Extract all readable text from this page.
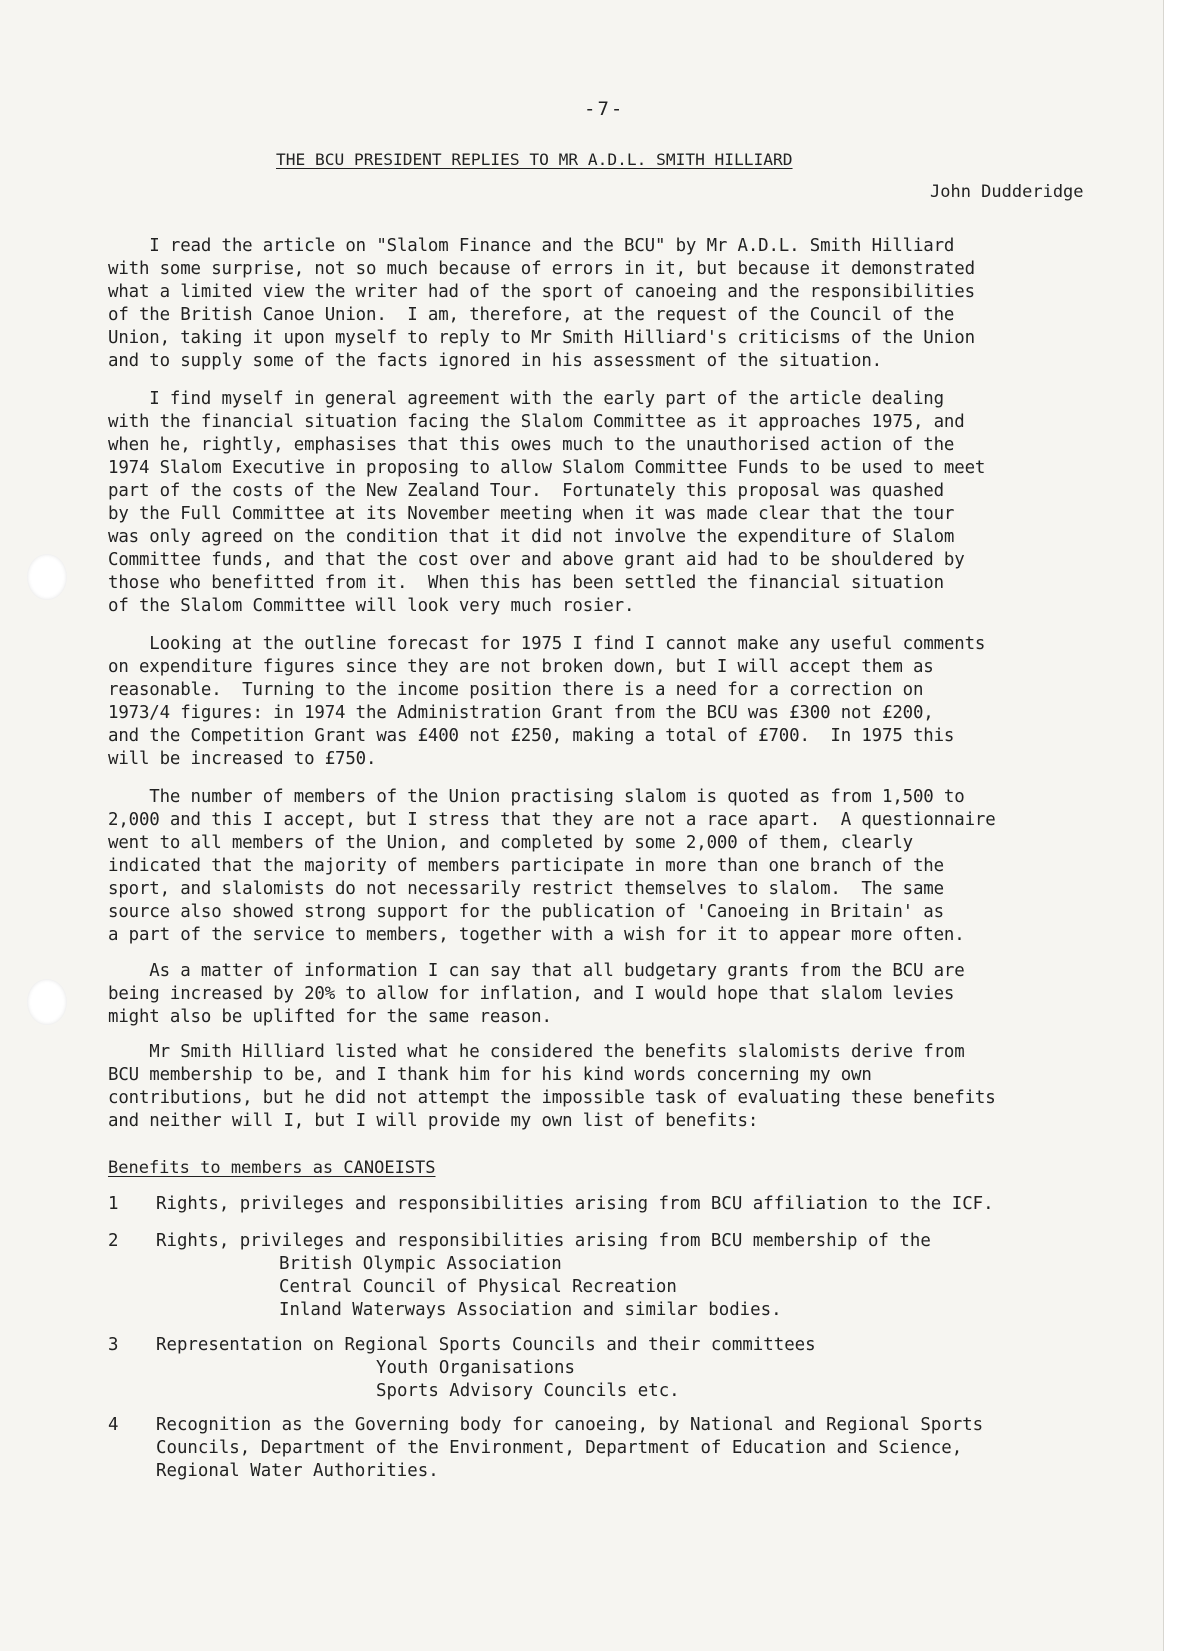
-7-
THE BCU PRESIDENT REPLIES TO MR A.D.L. SMITH HILLIARD
John Dudderidge

I read the article on "Slalom Finance and the BCU" by Mr A.D.L. Smith Hilliard
with some surprise, not so much because of errors in it, but because it demonstrated
what a limited view the writer had of the sport of canoeing and the responsibilities
of the British Canoe Union.  I am, therefore, at the request of the Council of the
Union, taking it upon myself to reply to Mr Smith Hilliard's criticisms of the Union
and to supply some of the facts ignored in his assessment of the situation.

I find myself in general agreement with the early part of the article dealing
with the financial situation facing the Slalom Committee as it approaches 1975, and
when he, rightly, emphasises that this owes much to the unauthorised action of the
1974 Slalom Executive in proposing to allow Slalom Committee Funds to be used to meet
part of the costs of the New Zealand Tour.  Fortunately this proposal was quashed
by the Full Committee at its November meeting when it was made clear that the tour
was only agreed on the condition that it did not involve the expenditure of Slalom
Committee funds, and that the cost over and above grant aid had to be shouldered by
those who benefitted from it.  When this has been settled the financial situation
of the Slalom Committee will look very much rosier.

Looking at the outline forecast for 1975 I find I cannot make any useful comments
on expenditure figures since they are not broken down, but I will accept them as
reasonable.  Turning to the income position there is a need for a correction on
1973/4 figures: in 1974 the Administration Grant from the BCU was £300 not £200,
and the Competition Grant was £400 not £250, making a total of £700.  In 1975 this
will be increased to £750.

The number of members of the Union practising slalom is quoted as from 1,500 to
2,000 and this I accept, but I stress that they are not a race apart.  A questionnaire
went to all members of the Union, and completed by some 2,000 of them, clearly
indicated that the majority of members participate in more than one branch of the
sport, and slalomists do not necessarily restrict themselves to slalom.  The same
source also showed strong support for the publication of 'Canoeing in Britain' as
a part of the service to members, together with a wish for it to appear more often.

As a matter of information I can say that all budgetary grants from the BCU are
being increased by 20% to allow for inflation, and I would hope that slalom levies
might also be uplifted for the same reason.

Mr Smith Hilliard listed what he considered the benefits slalomists derive from
BCU membership to be, and I thank him for his kind words concerning my own
contributions, but he did not attempt the impossible task of evaluating these benefits
and neither will I, but I will provide my own list of benefits:

Benefits to members as CANOEISTS
1 Rights, privileges and responsibilities arising from BCU affiliation to the ICF.
2 Rights, privileges and responsibilities arising from BCU membership of the
British Olympic Association
Central Council of Physical Recreation
Inland Waterways Association and similar bodies.
3 Representation on Regional Sports Councils and their committees
Youth Organisations
Sports Advisory Councils etc.
4 Recognition as the Governing body for canoeing, by National and Regional Sports
Councils, Department of the Environment, Department of Education and Science,
Regional Water Authorities.
